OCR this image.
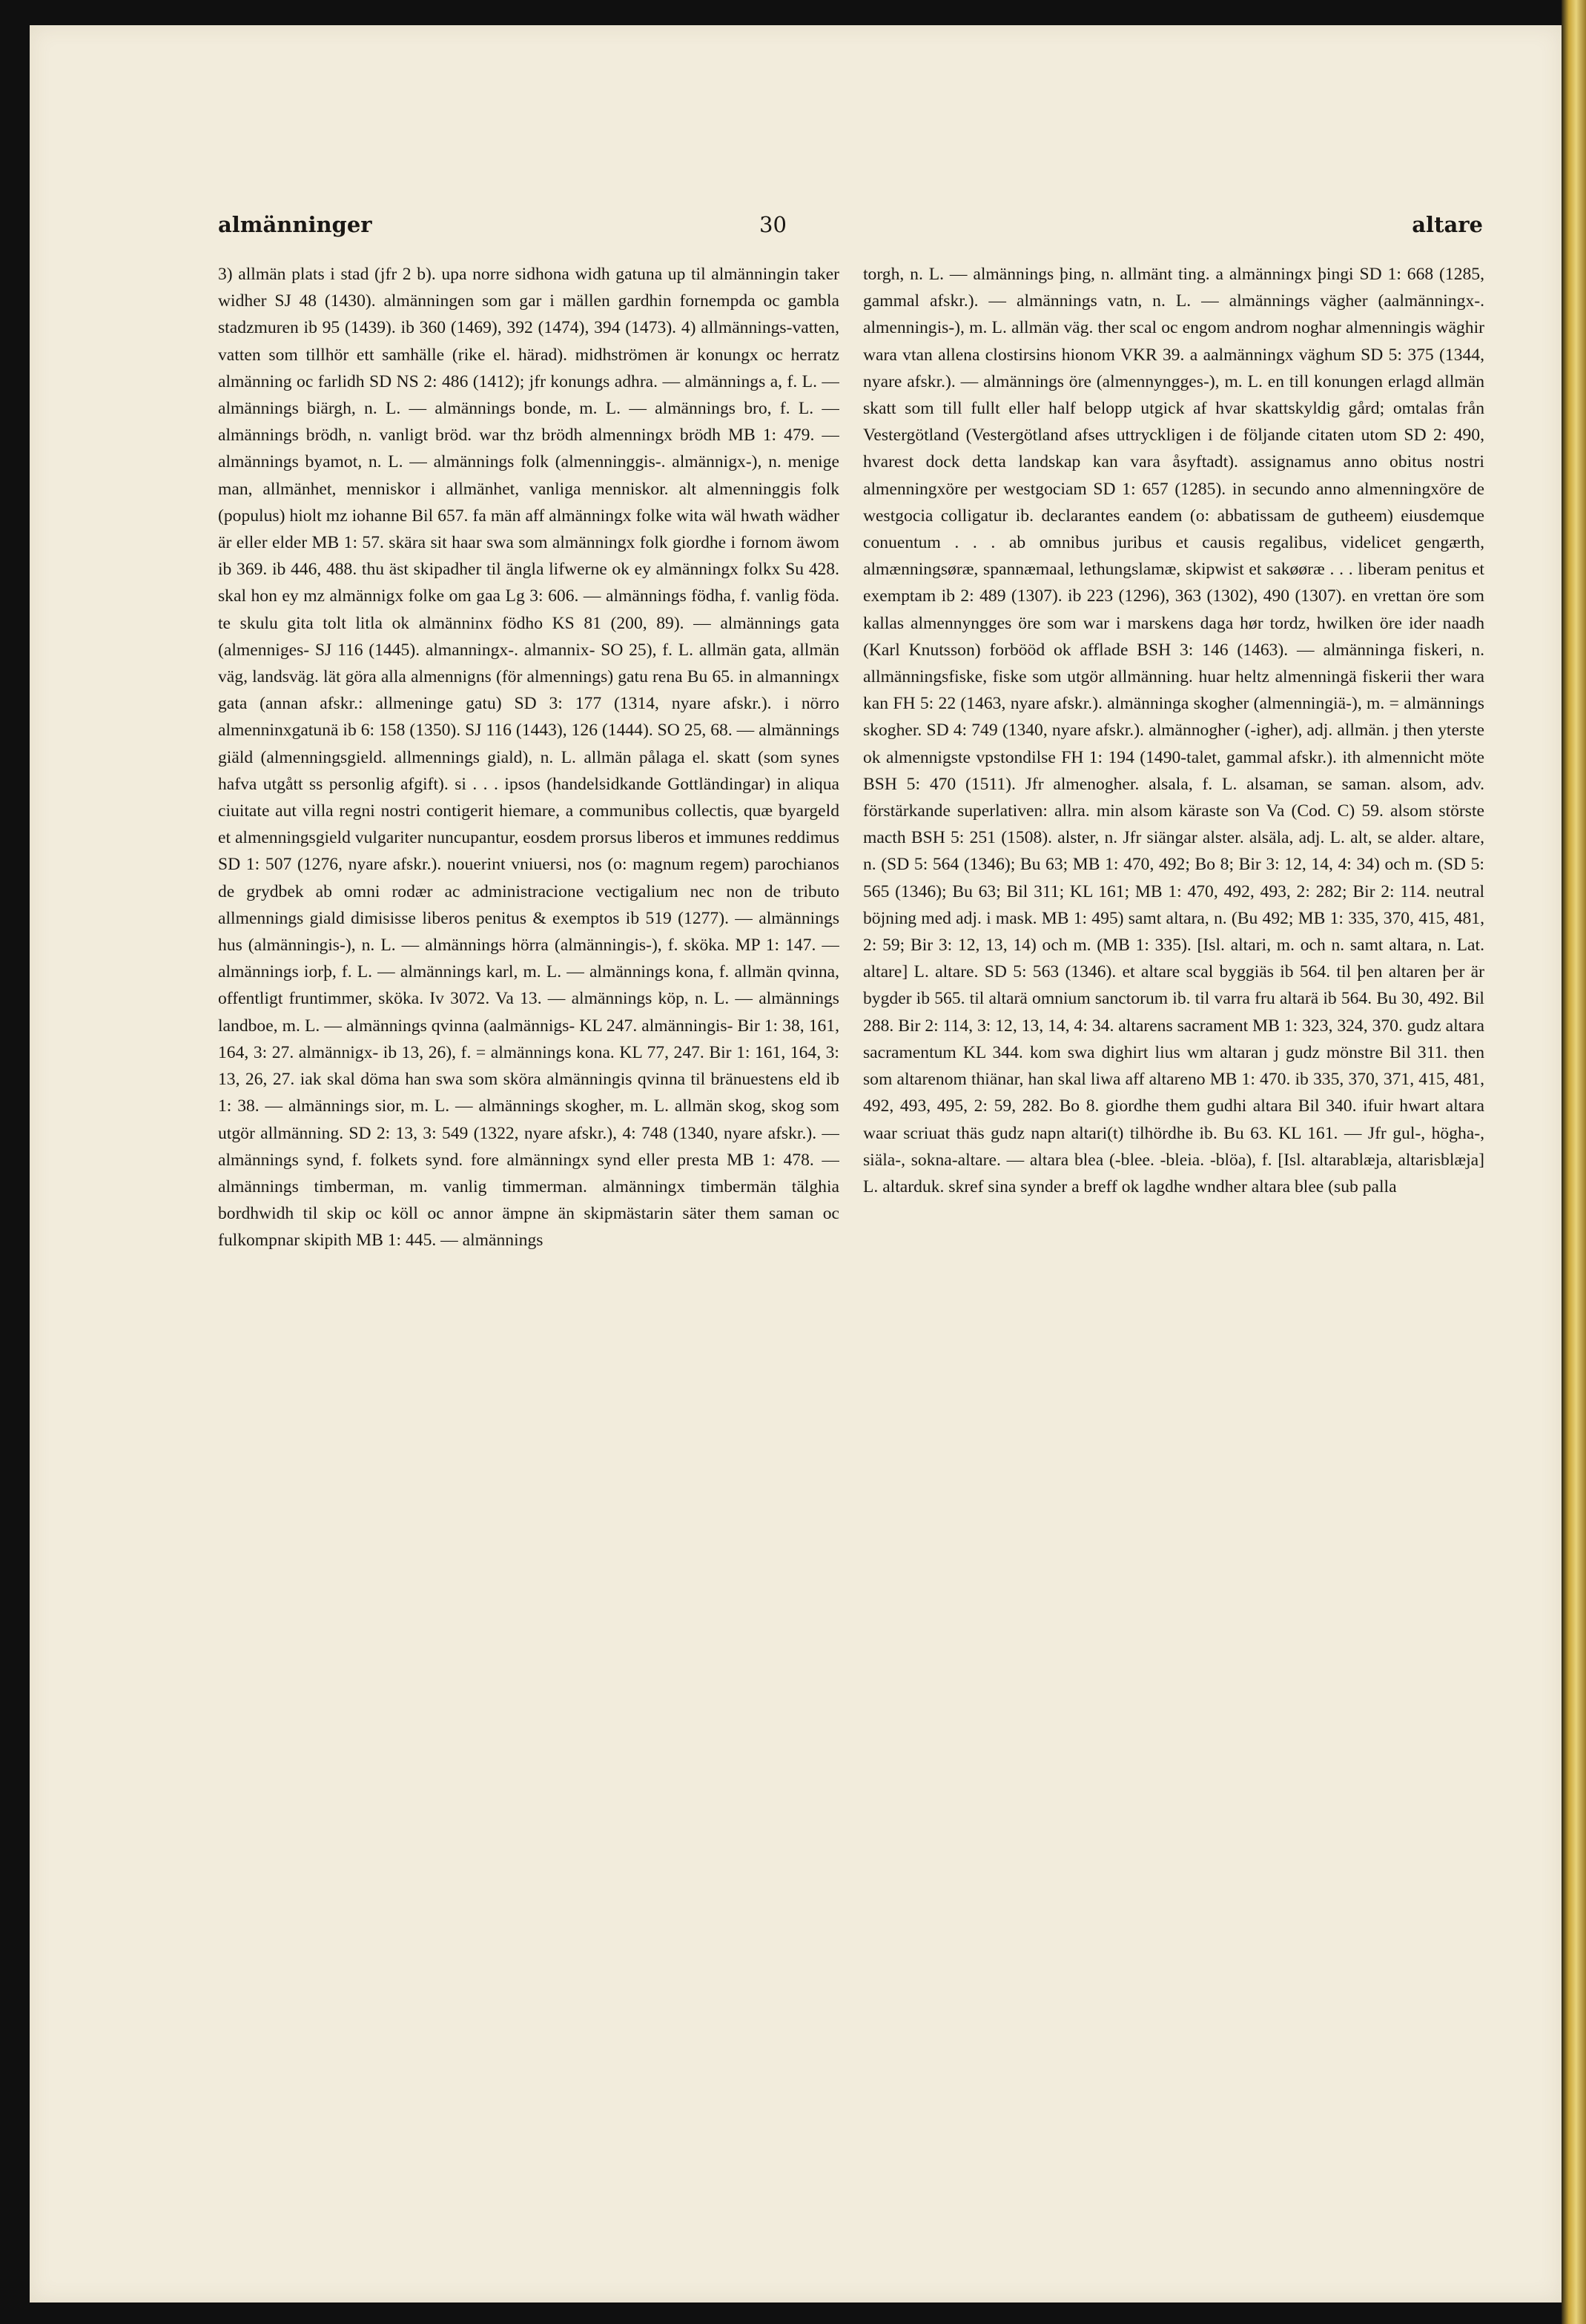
almänninger	30	altare

3) allmän plats i stad (jfr 2 b). upa norre sidhona widh gatuna up til almänningin taker widher SJ 48 (1430). almänningen som gar i mällen gardhin fornempda oc gambla stadzmuren ib 95 (1439). ib 360 (1469), 392 (1474), 394 (1473). 4) allmännings-vatten, vatten som tillhör ett samhälle (rike el. härad). midhströmen är konungx oc herratz almänning oc farlidh SD NS 2: 486 (1412); jfr konungs adhra. — almännings a, f. L. — almännings biärgh, n. L. — almännings bonde, m. L. — almännings bro, f. L. — almännings brödh, n. vanligt bröd. war thz brödh almenningx brödh MB 1: 479. — almännings byamot, n. L. — almännings folk (almenninggis-. almännigx-), n. menige man, allmänhet, menniskor i allmänhet, vanliga menniskor. alt almenninggis folk (populus) hiolt mz iohanne Bil 657. fa män aff almänningx folke wita wäl hwath wädher är eller elder MB 1: 57. skära sit haar swa som almänningx folk giordhe i fornom äwom ib 369. ib 446, 488. thu äst skipadher til ängla lifwerne ok ey almänningx folkx Su 428. skal hon ey mz almännigx folke om gaa Lg 3: 606. — almännings födha, f. vanlig föda. te skulu gita tolt litla ok almänninx födho KS 81 (200, 89). — almännings gata (almenniges- SJ 116 (1445). almanningx-. almannix- SO 25), f. L. allmän gata, allmän väg, landsväg. lät göra alla almennigns (för almennings) gatu rena Bu 65. in almanningx gata (annan afskr.: allmeninge gatu) SD 3: 177 (1314, nyare afskr.). i nörro almenninxgatunä ib 6: 158 (1350). SJ 116 (1443), 126 (1444). SO 25, 68. — almännings giäld (almenningsgield. allmennings giald), n. L. allmän pålaga el. skatt (som synes hafva utgått ss personlig afgift). si . . . ipsos (handelsidkande Gottländingar) in aliqua ciuitate aut villa regni nostri contigerit hiemare, a communibus collectis, quæ byargeld et almenningsgield vulgariter nuncupantur, eosdem prorsus liberos et immunes reddimus SD 1: 507 (1276, nyare afskr.). nouerint vniuersi, nos (o: magnum regem) parochianos de grydbek ab omni rodær ac administracione vectigalium nec non de tributo allmennings giald dimisisse liberos penitus & exemptos ib 519 (1277). — almännings hus (almänningis-), n. L. — almännings hörra (almänningis-), f. sköka. MP 1: 147. — almännings iorþ, f. L. — almännings karl, m. L. — almännings kona, f. allmän qvinna, offentligt fruntimmer, sköka. Iv 3072. Va 13. — almännings köp, n. L. — almännings landboe, m. L. — almännings qvinna (aalmännigs- KL 247. almänningis- Bir 1: 38, 161, 164, 3: 27. almännigx- ib 13, 26), f. = almännings kona. KL 77, 247. Bir 1: 161, 164, 3: 13, 26, 27. iak skal döma han swa som sköra almänningis qvinna til bränuestens eld ib 1: 38. — almännings sior, m. L. — almännings skogher, m. L. allmän skog, skog som utgör allmänning. SD 2: 13, 3: 549 (1322, nyare afskr.), 4: 748 (1340, nyare afskr.). — almännings synd, f. folkets synd. fore almänningx synd eller presta MB 1: 478. — almännings timberman, m. vanlig timmerman. almänningx timbermän tälghia bordhwidh til skip oc köll oc annor ämpne än skipmästarin säter them saman oc fulkompnar skipith MB 1: 445. — almännings

torgh, n. L. — almännings þing, n. allmänt ting. a almänningx þingi SD 1: 668 (1285, gammal afskr.). — almännings vatn, n. L. — almännings vägher (aalmänningx-. almenningis-), m. L. allmän väg. ther scal oc engom androm noghar almenningis wäghir wara vtan allena clostirsins hionom VKR 39. a aalmänningx väghum SD 5: 375 (1344, nyare afskr.). — almännings öre (almennyngges-), m. L. en till konungen erlagd allmän skatt som till fullt eller half belopp utgick af hvar skattskyldig gård; omtalas från Vestergötland (Vestergötland afses uttryckligen i de följande citaten utom SD 2: 490, hvarest dock detta landskap kan vara åsyftadt). assignamus anno obitus nostri almenningxöre per westgociam SD 1: 657 (1285). in secundo anno almenningxöre de westgocia colligatur ib. declarantes eandem (o: abbatissam de gutheem) eiusdemque conuentum . . . ab omnibus juribus et causis regalibus, videlicet gengærth, almænningsøræ, spannæmaal, lethungslamæ, skipwist et sakøøræ . . . liberam penitus et exemptam ib 2: 489 (1307). ib 223 (1296), 363 (1302), 490 (1307). en vrettan öre som kallas almennyngges öre som war i marskens daga hør tordz, hwilken öre ider naadh (Karl Knutsson) forbööd ok afflade BSH 3: 146 (1463). — almänninga fiskeri, n. allmänningsfiske, fiske som utgör allmänning. huar heltz almenningä fiskerii ther wara kan FH 5: 22 (1463, nyare afskr.). almänninga skogher (almenningiä-), m. = almännings skogher. SD 4: 749 (1340, nyare afskr.). almännogher (-igher), adj. allmän. j then yterste ok almennigste vpstondilse FH 1: 194 (1490-talet, gammal afskr.). ith almennicht möte BSH 5: 470 (1511). Jfr almenogher. alsala, f. L. alsaman, se saman. alsom, adv. förstärkande superlativen: allra. min alsom käraste son Va (Cod. C) 59. alsom störste macth BSH 5: 251 (1508). alster, n. Jfr siängar alster. alsäla, adj. L. alt, se alder. altare, n. (SD 5: 564 (1346); Bu 63; MB 1: 470, 492; Bo 8; Bir 3: 12, 14, 4: 34) och m. (SD 5: 565 (1346); Bu 63; Bil 311; KL 161; MB 1: 470, 492, 493, 2: 282; Bir 2: 114. neutral böjning med adj. i mask. MB 1: 495) samt altara, n. (Bu 492; MB 1: 335, 370, 415, 481, 2: 59; Bir 3: 12, 13, 14) och m. (MB 1: 335). [Isl. altari, m. och n. samt altara, n. Lat. altare] L. altare. SD 5: 563 (1346). et altare scal byggiäs ib 564. til þen altaren þer är bygder ib 565. til altarä omnium sanctorum ib. til varra fru altarä ib 564. Bu 30, 492. Bil 288. Bir 2: 114, 3: 12, 13, 14, 4: 34. altarens sacrament MB 1: 323, 324, 370. gudz altara sacramentum KL 344. kom swa dighirt lius wm altaran j gudz mönstre Bil 311. then som altarenom thiänar, han skal liwa aff altareno MB 1: 470. ib 335, 370, 371, 415, 481, 492, 493, 495, 2: 59, 282. Bo 8. giordhe them gudhi altara Bil 340. ifuir hwart altara waar scriuat thäs gudz napn altari(t) tilhördhe ib. Bu 63. KL 161. — Jfr gul-, högha-, siäla-, sokna-altare. — altara blea (-blee. -bleia. -blöa), f. [Isl. altarablæja, altarisblæja] L. altarduk. skref sina synder a breff ok lagdhe wndher altara blee (sub palla
